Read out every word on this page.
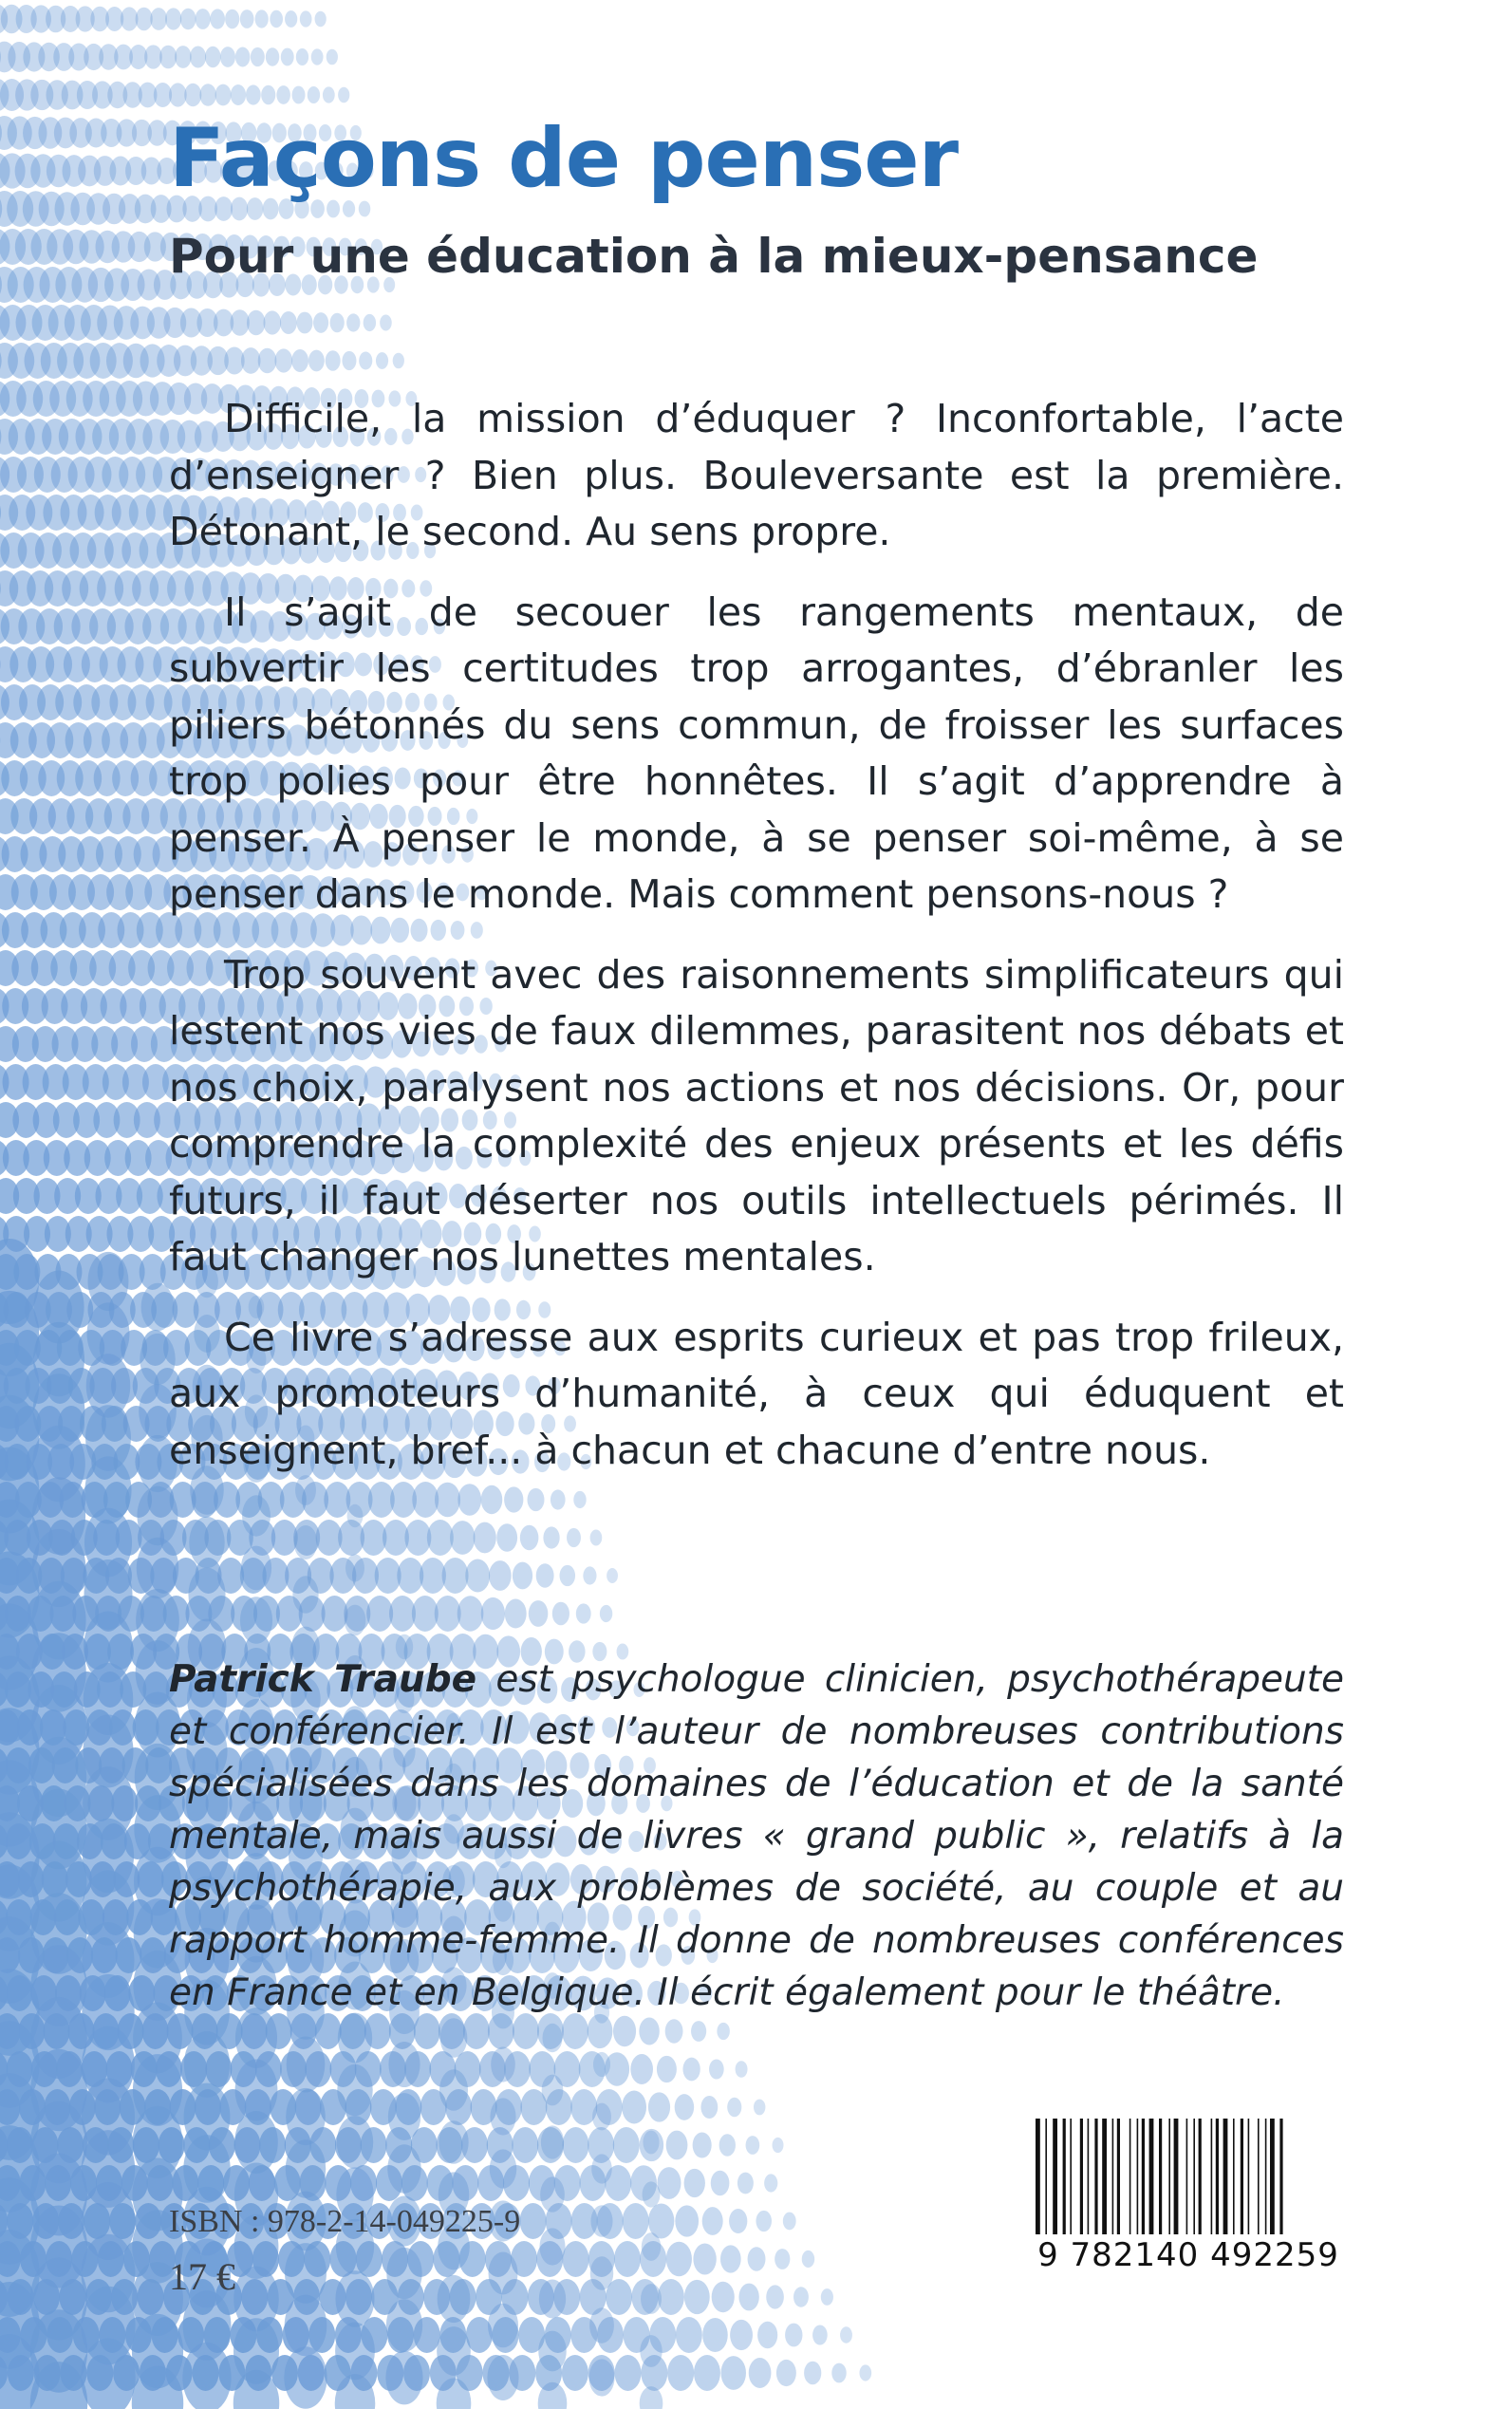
Façons de penser
Pour une éducation à la mieux-pensance

Difficile, la mission d’éduquer ? Inconfortable, l’acte d’enseigner ? Bien plus. Bouleversante est la première. Détonant, le second. Au sens propre.

Il s’agit de secouer les rangements mentaux, de subvertir les certitudes trop arrogantes, d’ébranler les piliers bétonnés du sens commun, de froisser les surfaces trop polies pour être honnêtes. Il s’agit d’apprendre à penser. À penser le monde, à se penser soi-même, à se penser dans le monde. Mais comment pensons-nous ?

Trop souvent avec des raisonnements simplificateurs qui lestent nos vies de faux dilemmes, parasitent nos débats et nos choix, paralysent nos actions et nos décisions. Or, pour comprendre la complexité des enjeux présents et les défis futurs, il faut déserter nos outils intellectuels périmés. Il faut changer nos lunettes mentales.

Ce livre s’adresse aux esprits curieux et pas trop frileux, aux promoteurs d’humanité, à ceux qui éduquent et enseignent, bref... à chacun et chacune d’entre nous.

Patrick Traube est psychologue clinicien, psychothérapeute et conférencier. Il est l’auteur de nombreuses contributions spécialisées dans les domaines de l’éducation et de la santé mentale, mais aussi de livres « grand public », relatifs à la psychothérapie, aux problèmes de société, au couple et au rapport homme-femme. Il donne de nombreuses conférences en France et en Belgique. Il écrit également pour le théâtre.

ISBN : 978-2-14-049225-9
17 €	9 782140 492259
